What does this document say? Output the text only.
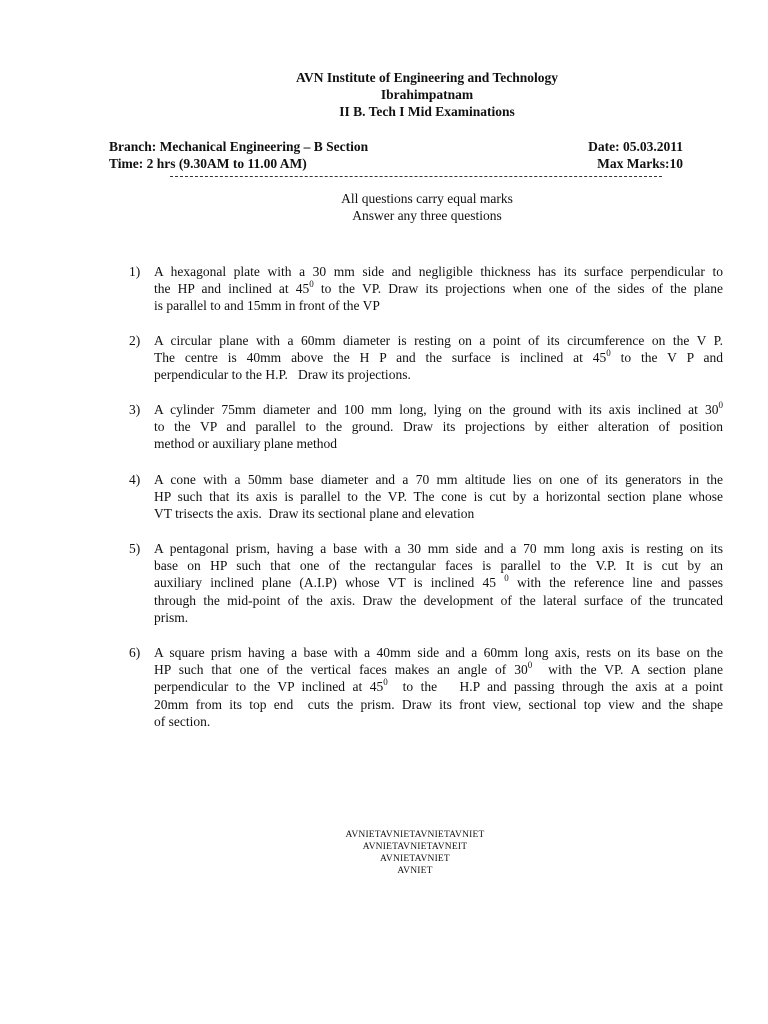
AVN Institute of Engineering and Technology
Ibrahimpatnam
II B. Tech I Mid Examinations
Branch: Mechanical Engineering – B Section	Date: 05.03.2011
Time: 2 hrs (9.30AM to 11.00 AM)	Max Marks:10
All questions carry equal marks
Answer any three questions
1) A hexagonal plate with a 30 mm side and negligible thickness has its surface perpendicular to
the HP and inclined at $45^0$ to the VP. Draw its projections when one of the sides of the plane
is parallel to and 15mm in front of the VP
2) A circular plane with a 60mm diameter is resting on a point of its circumference on the V P.
The centre is 40mm above the H P and the surface is inclined at $45^0$ to the V P and
perpendicular to the H.P.   Draw its projections.
3) A cylinder 75mm diameter and 100 mm long, lying on the ground with its axis inclined at $30^0$
to the VP and parallel to the ground. Draw its projections by either alteration of position
method or auxiliary plane method
4) A cone with a 50mm base diameter and a 70 mm altitude lies on one of its generators in the
HP such that its axis is parallel to the VP. The cone is cut by a horizontal section plane whose
VT trisects the axis.  Draw its sectional plane and elevation
5) A pentagonal prism, having a base with a 30 mm side and a 70 mm long axis is resting on its
base on HP such that one of the rectangular faces is parallel to the V.P. It is cut by an
auxiliary inclined plane (A.I.P) whose VT is inclined 45 $^0$ with the reference line and passes
through the mid-point of the axis. Draw the development of the lateral surface of the truncated
prism.
6) A square prism having a base with a 40mm side and a 60mm long axis, rests on its base on the
HP such that one of the vertical faces makes an angle of $30^0$  with the VP. A section plane
perpendicular to the VP inclined at $45^0$  to the   H.P and passing through the axis at a point
20mm from its top end  cuts the prism. Draw its front view, sectional top view and the shape
of section.
AVNIETAVNIETAVNIETAVNIET
AVNIETAVNIETAVNEIT
AVNIETAVNIET
AVNIET
